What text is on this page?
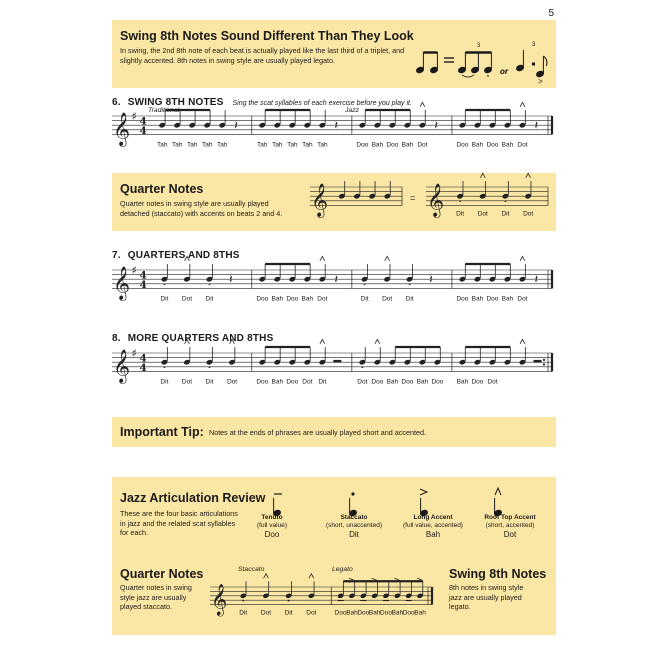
5
Swing 8th Notes Sound Different Than They Look
In swing, the 2nd 8th note of each beat is actually played like the last third of a triplet, and slightly accented. 8th notes in swing style are usually played legato.
3	3
>
or
6. SWING 8TH NOTES Sing the scat syllables of each exercise before you play it.
𝄞 ♯ 4
4
Tah Tah Tah Tah Tah
𝄽
Tah Tah Tah Tah Tah
𝄽
Doo Bah Doo Bah Dot
𝄽
Doo Bah Doo Bah Dot
𝄽
Traditional	Jazz
Quarter Notes
Quarter notes in swing style are usually played detached (staccato) with accents on beats 2 and 4. 𝄞	= 𝄞 Dit Dot Dit Dot
7. QUARTERS AND 8THS
𝄞 ♯ 4
4
Dit Dot Dit
𝄽
Doo Bah Doo Bah Dot
𝄽
Dit Dot Dit
𝄽
Doo Bah Doo Bah Dot
𝄽
8. MORE QUARTERS AND 8THS
𝄞 ♯ 4
4
Dit Dot Dit Dot	Doo Bah Doo Dot Dit	Dot Doo Bah Doo Bah Doo Bah Doo Dot
Important Tip: Notes at the ends of phrases are usually played short and accented.
Jazz Articulation Review
These are the four basic articulations in jazz and the related scat syllables for each.
Tenuto
(full value)
Doo
Staccato
(short, unaccented)
Dit
Long Accent
(full value, accented)
Bah
Roof Top Accent
(short, accented)
Dot
Quarter Notes
Quarter notes in swing style jazz are usually played staccato.
Swing 8th Notes
8th notes in swing style jazz are usually played legato.
𝄞 Dit Dot Dit Dot	Doo Bah Doo Bah Doo Bah Doo Bah
Staccato	Legato
